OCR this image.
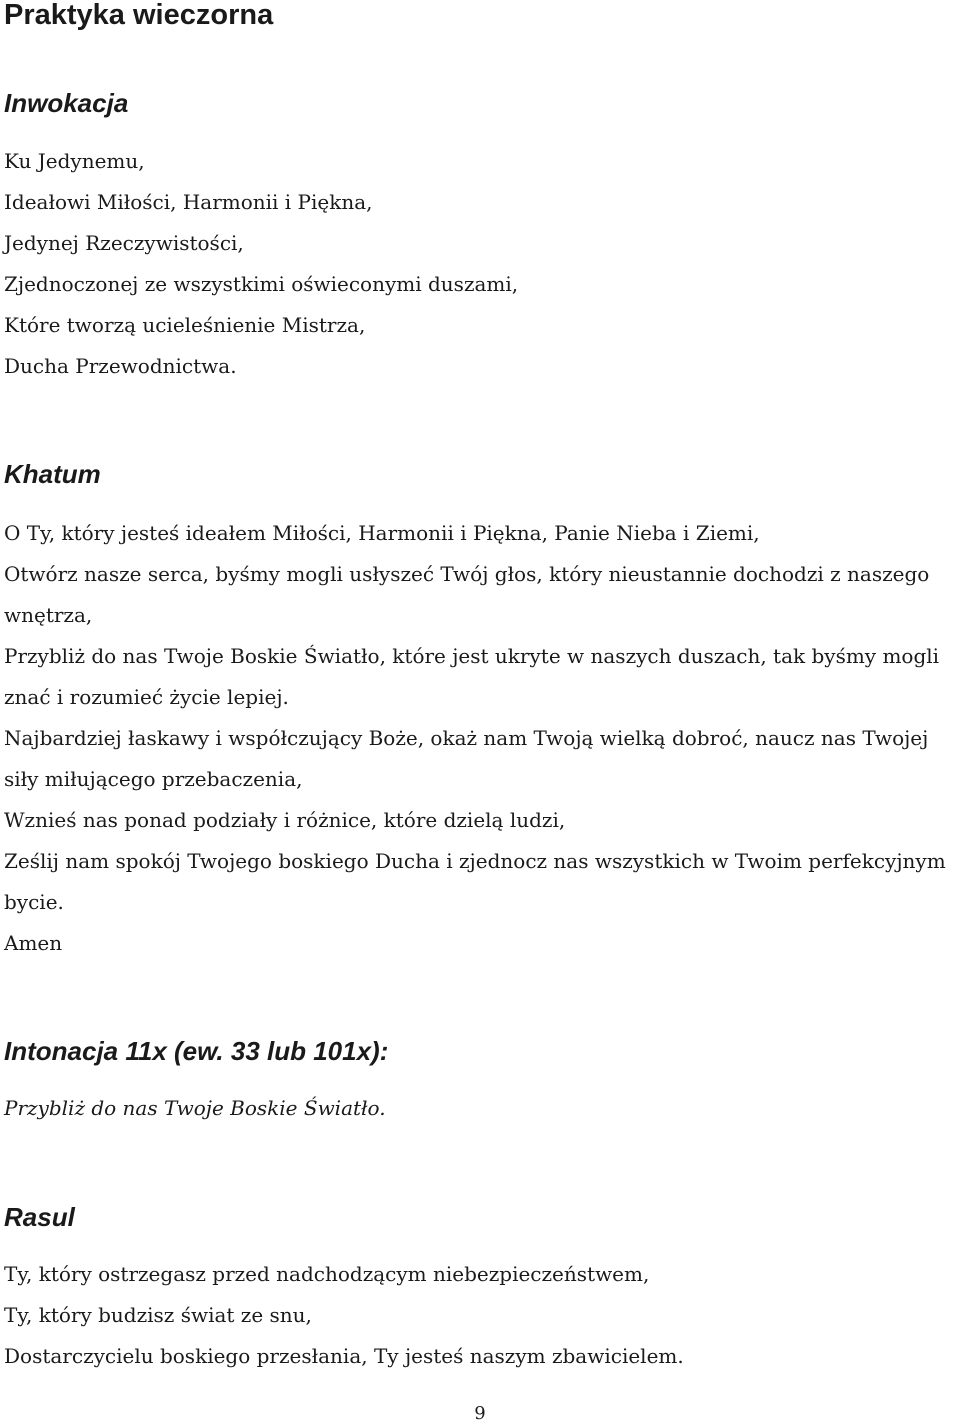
Praktyka wieczorna
Inwokacja
Ku Jedynemu,
Ideałowi Miłości, Harmonii i Piękna,
Jedynej Rzeczywistości,
Zjednoczonej ze wszystkimi oświeconymi duszami,
Które tworzą ucieleśnienie Mistrza,
Ducha Przewodnictwa.
Khatum
O Ty, który jesteś ideałem Miłości, Harmonii i Piękna, Panie Nieba i Ziemi,
Otwórz nasze serca, byśmy mogli usłyszeć Twój głos, który nieustannie dochodzi z naszego wnętrza,
Przybliż do nas Twoje Boskie Światło, które jest ukryte w naszych duszach, tak byśmy mogli znać i rozumieć życie lepiej.
Najbardziej łaskawy i współczujący Boże, okaż nam Twoją wielką dobroć, naucz nas Twojej siły miłującego przebaczenia,
Wznieś nas ponad podziały i różnice, które dzielą ludzi,
Ześlij nam spokój Twojego boskiego Ducha i zjednocz nas wszystkich w Twoim perfekcyjnym bycie.
Amen
Intonacja 11x (ew. 33 lub 101x):
Przybliż do nas Twoje Boskie Światło.
Rasul
Ty, który ostrzegasz przed nadchodzącym niebezpieczeństwem,
Ty, który budzisz świat ze snu,
Dostarczycielu boskiego przesłania, Ty jesteś naszym zbawicielem.
9
